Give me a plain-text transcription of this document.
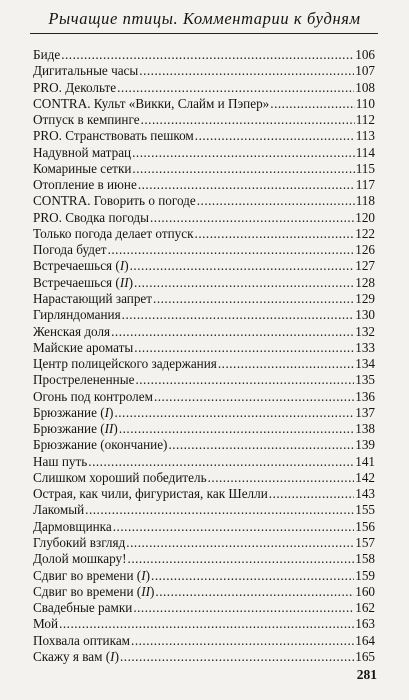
Рычащие птицы. Комментарии к будням
Биде .....	106
Дигитальные часы .....	107
PRO. Декольте .....	108
CONTRA. Культ «Викки, Слайм и Пэпер» .....	110
Отпуск в кемпинге .....	112
PRO. Странствовать пешком .....	113
Надувной матрац .....	114
Комариные сетки .....	115
Отопление в июне .....	117
CONTRA. Говорить о погоде .....	118
PRO. Сводка погоды .....	120
Только погода делает отпуск .....	122
Погода будет .....	126
Встречаешься (I) .....	127
Встречаешься (II) .....	128
Нарастающий запрет .....	129
Гирляндомания .....	130
Женская доля .....	132
Майские ароматы .....	133
Центр полицейского задержания .....	134
Прострелененные .....	135
Огонь под контролем .....	136
Брюзжание (I) .....	137
Брюзжание (II) .....	138
Брюзжание (окончание) .....	139
Наш путь .....	141
Слишком хороший победитель .....	142
Острая, как чили, фигуристая, как Шелли .....	143
Лакомый .....	155
Дармовщинка .....	156
Глубокий взгляд .....	157
Долой мошкару! .....	158
Сдвиг во времени (I) .....	159
Сдвиг во времени (II) .....	160
Свадебные рамки .....	162
Мой .....	163
Похвала оптикам .....	164
Скажу я вам (I) .....	165
281
